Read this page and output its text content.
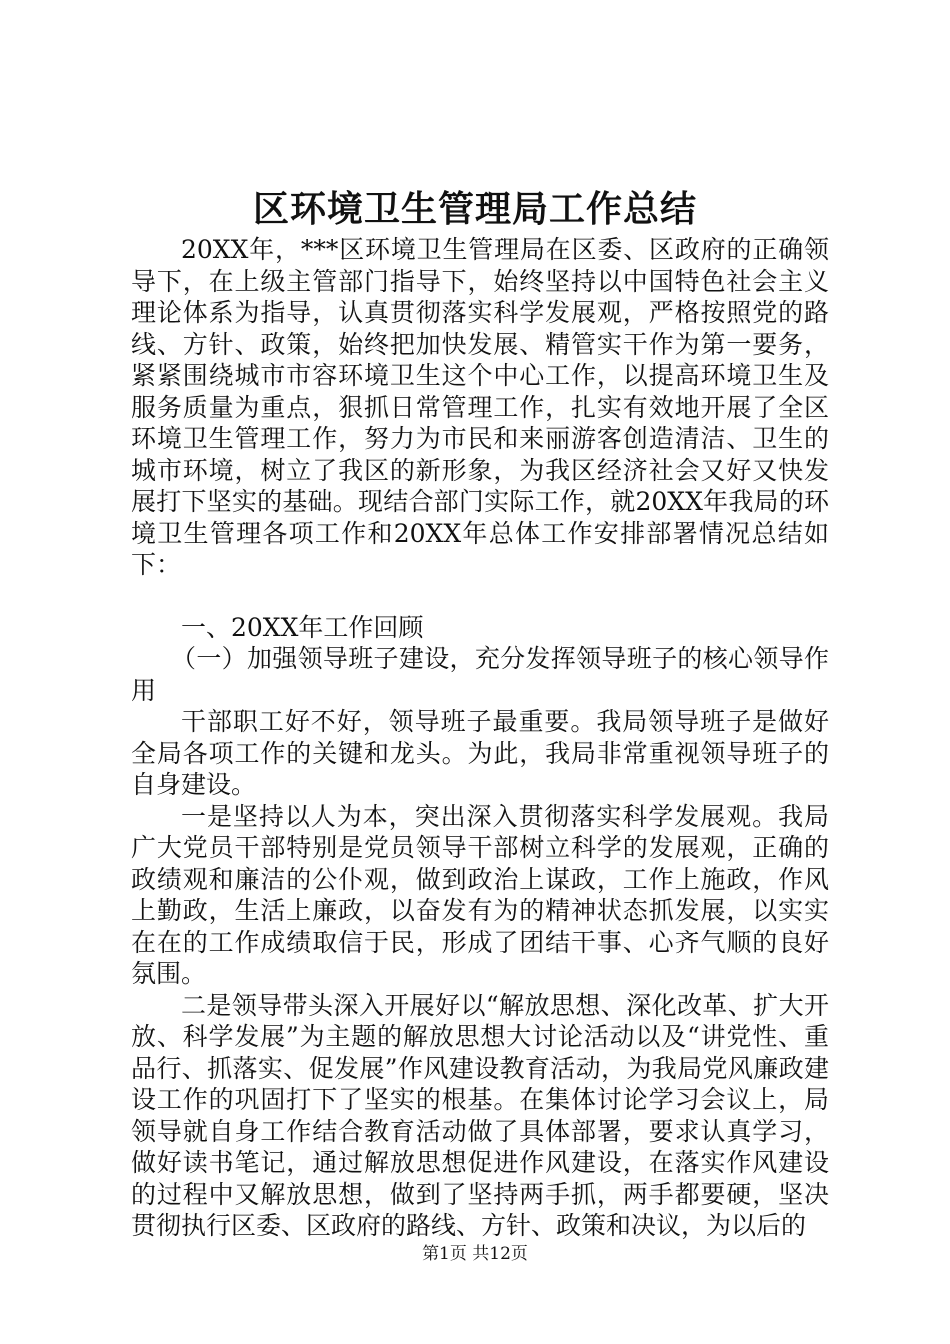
区环境卫生管理局工作总结

20XX年，***区环境卫生管理局在区委、区政府的正确领导下，在上级主管部门指导下，始终坚持以中国特色社会主义理论体系为指导，认真贯彻落实科学发展观，严格按照党的路线、方针、政策，始终把加快发展、精管实干作为第一要务，紧紧围绕城市市容环境卫生这个中心工作，以提高环境卫生及服务质量为重点，狠抓日常管理工作，扎实有效地开展了全区环境卫生管理工作，努力为市民和来丽游客创造清洁、卫生的城市环境，树立了我区的新形象，为我区经济社会又好又快发展打下坚实的基础。现结合部门实际工作，就20XX年我局的环境卫生管理各项工作和20XX年总体工作安排部署情况总结如下：

一、20XX年工作回顾

（一）加强领导班子建设，充分发挥领导班子的核心领导作用

干部职工好不好，领导班子最重要。我局领导班子是做好全局各项工作的关键和龙头。为此，我局非常重视领导班子的自身建设。

一是坚持以人为本，突出深入贯彻落实科学发展观。我局广大党员干部特别是党员领导干部树立科学的发展观，正确的政绩观和廉洁的公仆观，做到政治上谋政，工作上施政，作风上勤政，生活上廉政，以奋发有为的精神状态抓发展，以实实在在的工作成绩取信于民，形成了团结干事、心齐气顺的良好氛围。

二是领导带头深入开展好以“解放思想、深化改革、扩大开放、科学发展”为主题的解放思想大讨论活动以及“讲党性、重品行、抓落实、促发展”作风建设教育活动，为我局党风廉政建设工作的巩固打下了坚实的根基。在集体讨论学习会议上，局领导就自身工作结合教育活动做了具体部署，要求认真学习，做好读书笔记，通过解放思想促进作风建设，在落实作风建设的过程中又解放思想，做到了坚持两手抓，两手都要硬，坚决贯彻执行区委、区政府的路线、方针、政策和决议，为以后的

第1页 共12页
